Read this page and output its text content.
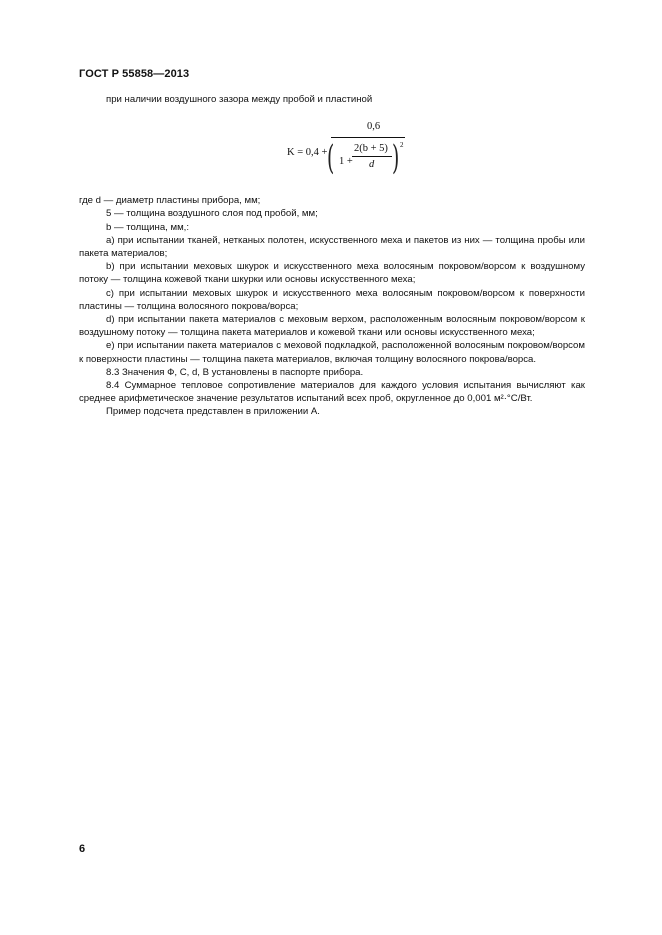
ГОСТ Р 55858—2013

при наличии воздушного зазора между пробой и пластиной

K = 0,4 +
0,6
( 1 +
2(b + 5)
d ) 2

где d — диаметр пластины прибора, мм;

5 — толщина воздушного слоя под пробой, мм;

b — толщина, мм,:

a) при испытании тканей, нетканых полотен, искусственного меха и пакетов из них — толщина пробы или пакета материалов;

b) при испытании меховых шкурок и искусственного меха волосяным покровом/ворсом к воздушному потоку — толщина кожевой ткани шкурки или основы искусственного меха;

c) при испытании меховых шкурок и искусственного меха волосяным покровом/ворсом к поверхности пластины — толщина волосяного покрова/ворса;

d) при испытании пакета материалов с меховым верхом, расположенным волосяным покровом/ворсом к воздушному потоку — толщина пакета материалов и кожевой ткани или основы искусственного меха;

e) при испытании пакета материалов с меховой подкладкой, расположенной волосяным покровом/ворсом к поверхности пластины — толщина пакета материалов, включая толщину волосяного покрова/ворса.

8.3 Значения Ф, C, d, B установлены в паспорте прибора.

8.4 Суммарное тепловое сопротивление материалов для каждого условия испытания вычисляют как среднее арифметическое значение результатов испытаний всех проб, округленное до 0,001 м²·°С/Вт.

Пример подсчета представлен в приложении А.

6
